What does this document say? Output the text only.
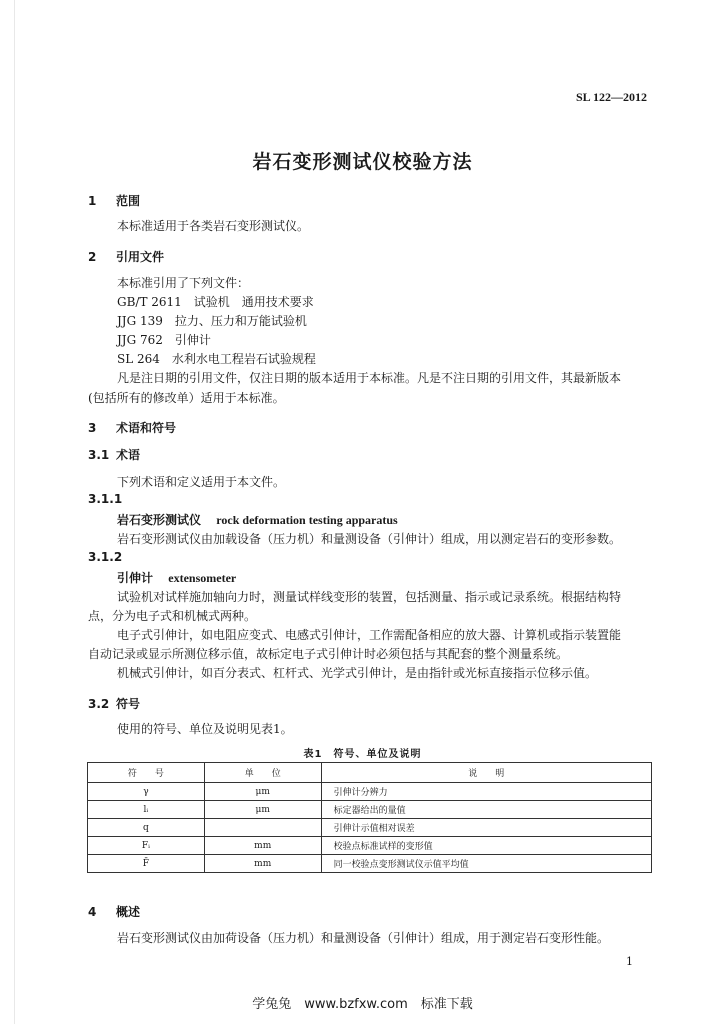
SL 122—2012
岩石变形测试仪校验方法
1 范围
本标准适用于各类岩石变形测试仪。
2 引用文件
本标准引用了下列文件：
GB/T 2611　试验机　通用技术要求
JJG 139　拉力、压力和万能试验机
JJG 762　引伸计
SL 264　水利水电工程岩石试验规程
凡是注日期的引用文件，仅注日期的版本适用于本标准。凡是不注日期的引用文件，其最新版本
(包括所有的修改单）适用于本标准。
3 术语和符号
3.1 术语
下列术语和定义适用于本文件。
3.1.1
岩石变形测试仪 rock deformation testing apparatus
岩石变形测试仪由加载设备（压力机）和量测设备（引伸计）组成，用以测定岩石的变形参数。
3.1.2
引伸计 extensometer
试验机对试样施加轴向力时，测量试样线变形的装置，包括测量、指示或记录系统。根据结构特
点，分为电子式和机械式两种。
电子式引伸计，如电阻应变式、电感式引伸计，工作需配备相应的放大器、计算机或指示装置能
自动记录或显示所测位移示值，故标定电子式引伸计时必须包括与其配套的整个测量系统。
机械式引伸计，如百分表式、杠杆式、光学式引伸计，是由指针或光标直接指示位移示值。
3.2 符号
使用的符号、单位及说明见表1。
表1　符号、单位及说明
符　　号	单　　位	说　　明
γ	μm	引伸计分辨力
lᵢ	μm	标定器给出的量值
q		引伸计示值相对误差
Fᵢ	mm	校验点标准试样的变形值
F̄	mm	同一校验点变形测试仪示值平均值
4 概述
岩石变形测试仪由加荷设备（压力机）和量测设备（引伸计）组成，用于测定岩石变形性能。
1
学兔兔　www.bzfxw.com　标准下载
